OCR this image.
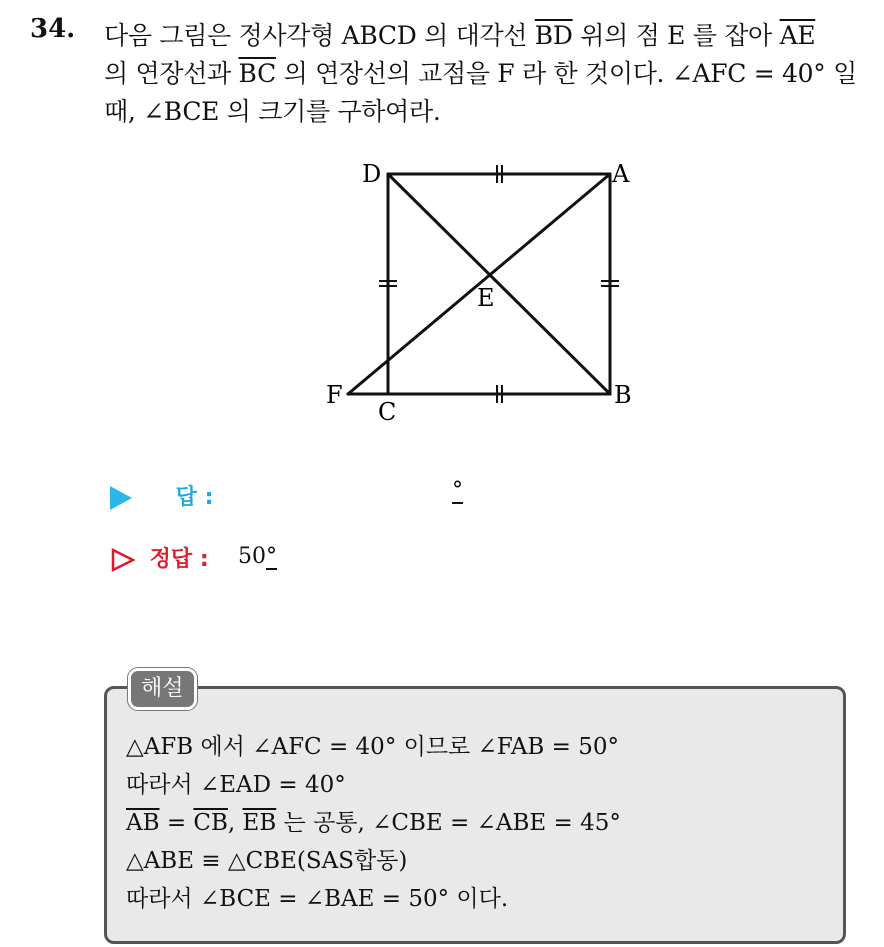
34. 다음 그림은 정사각형 ABCD 의 대각선 $\overline{BD}$ 위의 점 E 를 잡아 $\overline{AE}$
의 연장선과 $\overline{BC}$ 의 연장선의 교점을 F 라 한 것이다. ∠AFC = 40° 일
때, ∠BCE 의 크기를 구하여라.
D	A
E
F
C
B
답 :	°
정답 : 50°
해설
△AFB 에서 ∠AFC = 40° 이므로 ∠FAB = 50°
따라서 ∠EAD = 40°
$\overline{AB} = \overline{CB}$, $\overline{EB}$ 는 공통, ∠CBE = ∠ABE = 45°
△ABE ≡ △CBE(SAS합동)
따라서 ∠BCE = ∠BAE = 50° 이다.
